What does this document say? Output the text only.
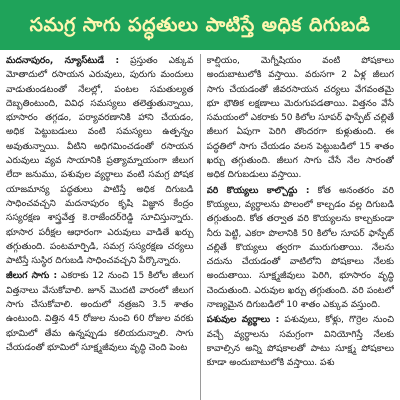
సమగ్ర సాగు పద్ధతులు పాటిస్తే అధిక దిగుబడి

మదనాపురం, న్యూస్‌టుడే : ప్రస్తుతం ఎక్కువ మోతాదులో రసాయన ఎరువులు, పురుగు మందులు వాడుతుండటంతో నేలల్లో, పంటల సమతుల్యత దెబ్బతింటుంది, వివిధ సమస్యలు తలెత్తుతున్నాయి, భూసారం తగ్గడం, పర్యావరణానికి హాని చేయడం, అధిక పెట్టుబడులు వంటి సమస్యలు ఉత్పన్నం అవుతున్నాయి. వీటిని అధిగమించడంతో రసాయన ఎరువులు వ్యవ సాయానికి ప్రత్యామ్నాయంగా జీలుగ లేదా జనుము, పశువుల వ్యర్థాలు వంటి సమగ్ర పోషక యాజమాన్య పద్ధతులు పాటిస్తే అధిక దిగుబడి సాధించవచ్చని మదనాపురం కృషి విజ్ఞాన కేంద్రం సస్యరక్షణ శాస్త్రవేత్త కె.రాజేందర్‌రెడ్డి సూచిస్తున్నారు. భూసార పరీక్షల ఆధారంగా ఎరువులు వాడితే ఖర్చు తగ్గుతుంది. పంటమార్పిడి, సమగ్ర సస్యరక్షణ చర్యలు పాటిస్తే సుస్థిర దిగుబడి సాధించవచ్చని పేర్కొన్నారు.

జీలుగ సాగు : ఎకరాకు 12 నుంచి 15 కిలోల జీలుగ విత్తనాలు వేసుకోవాలి. జూన్ మొదటి వారంలో జీలుగ సాగు చేసుకోవాలి. అందులో నత్రజని 3.5 శాతం ఉంటుంది. విత్తిన 45 రోజుల నుంచి 60 రోజుల వరకు భూమిలో తేమ ఉన్నప్పుడు కలియదున్నాలి. సాగు చేయడంతో భూమిలో సూక్ష్మజీవులు వృద్ధి చెంది పెంట

కాల్షియం, మెగ్నీషియం వంటి పోషకాలు అందుబాటులోకి వస్తాయి. వరుసగా 2 ఏళ్ల జీలుగ సాగు చేయడంతో జీవరసాయన చర్యలు వేగవంతమై భూ భౌతిక లక్షణాలు మెరుగుపడతాయి. విత్తనం వేసే సమయంలో ఎకరాకు 50 కిలోల సూపర్ ఫాస్ఫేట్ చల్లితే జీలుగ ఏపుగా పెరిగి తొందరగా కుళ్లుతుంది. ఈ పద్ధతిలో సాగు చేయడం వలన పెట్టుబడిలో 15 శాతం ఖర్చు తగ్గుతుంది. జీలుగ సాగు చేసే నేల సారంతో అధిక దిగుబడులు వస్తాయి.

వరి కొయ్యలు కాల్చొద్దు : కోత అనంతరం వరి కొయ్యలు, వ్యర్థాలను పొలంలో కాల్చడం వల్ల దిగుబడి తగ్గుతుంది. కోత తర్వాత వరి కొయ్యలను కాల్చకుండా నీరు పెట్టి, ఎకరా పొలానికి 50 కిలోల సూపర్ ఫాస్ఫేట్ చల్లితే కొయ్యలు త్వరగా మురుగుతాయి. నేలను చదును చేయడంతో వాటిలోని పోషకాలు నేలకు అందుతాయి. సూక్ష్మజీవులు పెరిగి, భూసారం వృద్ధి చెందుతుంది. ఎరువుల ఖర్చు తగ్గుతుంది. వరి పంటలో నాణ్యమైన దిగుబడిలో 10 శాతం ఎక్కువ వస్తుంది.

పశువుల వ్యర్థాలు : పశువులు, కోళ్లు, గొర్రెల నుంచి వచ్చే వ్యర్థాలను సమగ్రంగా వినియోగిస్తే నేలకు కావాల్సిన అన్ని పోషకాలతో పాటు సూక్ష్మ పోషకాలు కూడా అందుబాటులోకి వస్తాయి. పశు
